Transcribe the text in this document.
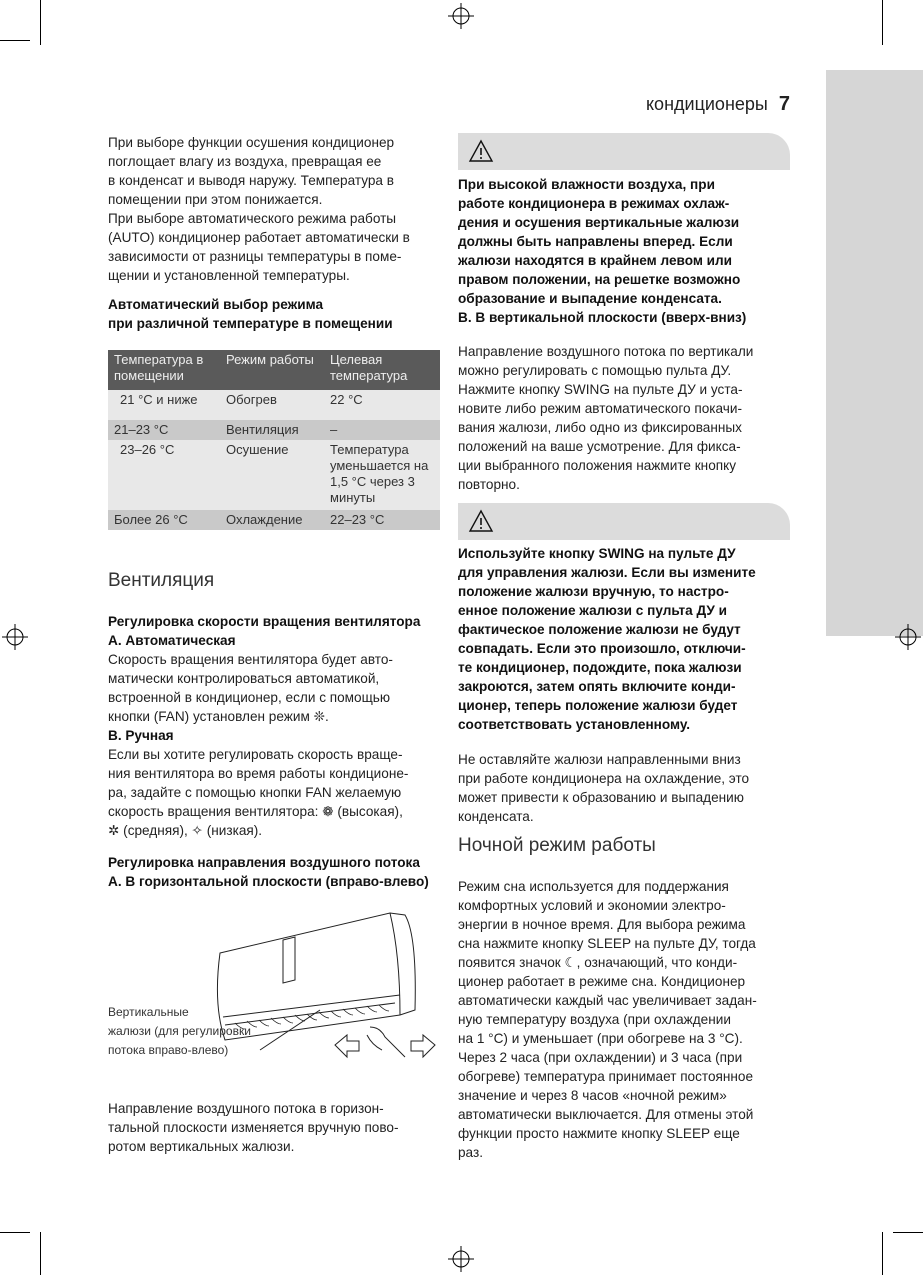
кондиционеры 7
При выборе функции осушения кондиционер
поглощает влагу из воздуха, превращая ее
в конденсат и выводя наружу. Температура в
помещении при этом понижается.
При выборе автоматического режима работы
(AUTO) кондиционер работает автоматически в
зависимости от разницы температуры в поме-
щении и установленной температуры.
Автоматический выбор режима
при различной температуре в помещении
Температура в помещении	Режим работы	Целевая температура
21 °C и ниже	Обогрев	22 °C
21–23 °C	Вентиляция	–
23–26 °C	Осушение	Температура уменьшается на 1,5 °C через 3 минуты
Более 26 °C	Охлаждение	22–23 °C
Вентиляция
Регулировка скорости вращения вентилятора
А. Автоматическая
Скорость вращения вентилятора будет авто-
матически контролироваться автоматикой,
встроенной в кондиционер, если с помощью
кнопки (FAN) установлен режим ❊.
В. Ручная
Если вы хотите регулировать скорость враще-
ния вентилятора во время работы кондиционе-
ра, задайте с помощью кнопки FAN желаемую
скорость вращения вентилятора: ❁ (высокая),
✲ (средняя), ✧ (низкая).
Регулировка направления воздушного потока
А. В горизонтальной плоскости (вправо-влево)
Вертикальные
жалюзи (для регулировки
потока вправо-влево)
Направление воздушного потока в горизон-
тальной плоскости изменяется вручную пово-
ротом вертикальных жалюзи.
При высокой влажности воздуха, при
работе кондиционера в режимах охлаж-
дения и осушения вертикальные жалюзи
должны быть направлены вперед. Если
жалюзи находятся в крайнем левом или
правом положении, на решетке возможно
образование и выпадение конденсата.
В. В вертикальной плоскости (вверх-вниз)
Направление воздушного потока по вертикали
можно регулировать с помощью пульта ДУ.
Нажмите кнопку SWING на пульте ДУ и уста-
новите либо режим автоматического покачи-
вания жалюзи, либо одно из фиксированных
положений на ваше усмотрение. Для фикса-
ции выбранного положения нажмите кнопку
повторно.
Используйте кнопку SWING на пульте ДУ
для управления жалюзи. Если вы измените
положение жалюзи вручную, то настро-
енное положение жалюзи с пульта ДУ и
фактическое положение жалюзи не будут
совпадать. Если это произошло, отключи-
те кондиционер, подождите, пока жалюзи
закроются, затем опять включите конди-
ционер, теперь положение жалюзи будет
соответствовать установленному.
Не оставляйте жалюзи направленными вниз
при работе кондиционера на охлаждение, это
может привести к образованию и выпадению
конденсата.
Ночной режим работы
Режим сна используется для поддержания
комфортных условий и экономии электро-
энергии в ночное время. Для выбора режима
сна нажмите кнопку SLEEP на пульте ДУ, тогда
появится значок ☾, означающий, что конди-
ционер работает в режиме сна. Кондиционер
автоматически каждый час увеличивает задан-
ную температуру воздуха (при охлаждении
на 1 °C) и уменьшает (при обогреве на 3 °C).
Через 2 часа (при охлаждении) и 3 часа (при
обогреве) температура принимает постоянное
значение и через 8 часов «ночной режим»
автоматически выключается. Для отмены этой
функции просто нажмите кнопку SLEEP еще
раз.
